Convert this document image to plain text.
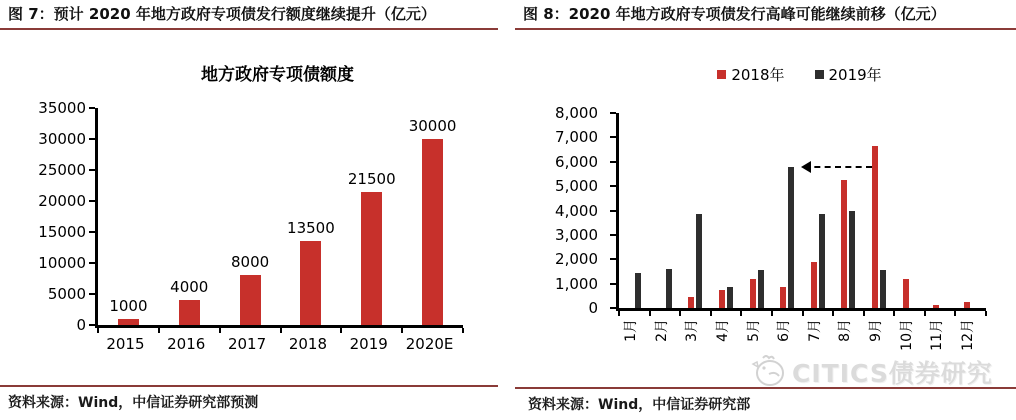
图 7：预计 2020 年地方政府专项债发行额度继续提升（亿元）
地方政府专项债额度
0
5000
10000
15000
20000
25000
30000
35000
1000
4000
8000
13500
21500
30000
2015	2016	2017	2018	2019	2020E
资料来源：Wind，中信证券研究部预测
图 8：2020 年地方政府专项债发行高峰可能继续前移（亿元）
2018年	2019年
0
1,000
2,000
3,000
4,000
5,000
6,000
7,000
8,000
1月 2月 3月 4月 5月 6月 7月 8月 9月 10月 11月 12月
CITICS债券研究
资料来源：Wind，中信证券研究部
